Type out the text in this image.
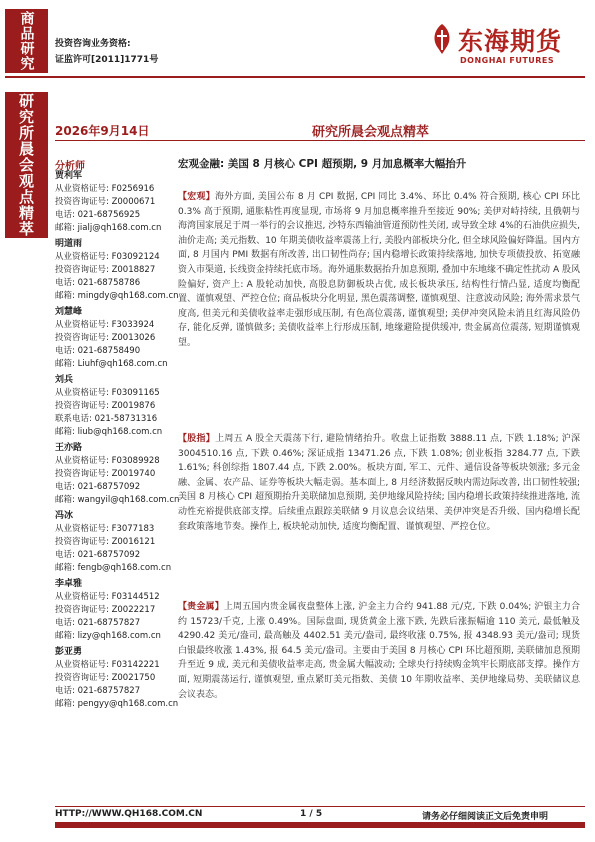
商品研究
研究所晨会观点精萃
投资咨询业务资格:
证监许可[2011]1771号
东海期货
DONGHAI FUTURES
2026年9月14日	研究所晨会观点精萃
分析师
贾利军
从业资格证号: F0256916
投资咨询证号: Z0000671
电话: 021-68756925
邮箱: jialj@qh168.com.cn
明道雨
从业资格证号: F03092124
投资咨询证号: Z0018827
电话: 021-68758786
邮箱: mingdy@qh168.com.cn
刘慧峰
从业资格证号: F3033924
投资咨询证号: Z0013026
电话: 021-68758490
邮箱: Liuhf@qh168.com.cn
刘兵
从业资格证号: F03091165
投资咨询证号: Z0019876
联系电话: 021-58731316
邮箱: liub@qh168.com.cn
王亦路
从业资格证号: F03089928
投资咨询证号: Z0019740
电话: 021-68757092
邮箱: wangyil@qh168.com.cn
冯冰
从业资格证号: F3077183
投资咨询证号: Z0016121
电话: 021-68757092
邮箱: fengb@qh168.com.cn
李卓雅
从业资格证号: F03144512
投资咨询证号: Z0022217
电话: 021-68757827
邮箱: lizy@qh168.com.cn
彭亚勇
从业资格证号: F03142221
投资咨询证号: Z0021750
电话: 021-68757827
邮箱: pengyy@qh168.com.cn
宏观金融: 美国 8 月核心 CPI 超预期, 9 月加息概率大幅抬升
【宏观】海外方面, 美国公布 8 月 CPI 数据, CPI 同比 3.4%、环比 0.4% 符合预期, 核心 CPI 环比 0.3% 高于预期, 通胀粘性再度显现, 市场将 9 月加息概率推升至接近 90%; 美伊对峙持续, 且俄朝与海湾国家展足于周一举行的会议推迟, 沙特东西输油管道预防性关闭, 或导致全球 4%的石油供应损失, 油价走高; 美元指数、10 年期美债收益率震荡上行, 美股内部板块分化, 但全球风险偏好降温。国内方面, 8 月国内 PMI 数据有所改善, 出口韧性尚存; 国内稳增长政策持续落地, 加快专项债投放、拓宽融资入市渠道, 长线资金持续托底市场。海外通胀数据抬升加息预期, 叠加中东地缘不确定性扰动 A 股风险偏好, 资产上: A 股轮动加快, 高股息防御板块占优, 成长板块承压, 结构性行情凸显, 适度均衡配置、谨慎观望、严控仓位; 商品板块分化明显, 黑色震荡调整, 谨慎观望、注意波动风险; 海外需求景气度高, 但美元和美债收益率走强形成压制, 有色高位震荡, 谨慎观望; 美伊冲突风险未消且红海风险仍存, 能化反弹, 谨慎做多; 美债收益率上行形成压制, 地缘避险提供缓冲, 贵金属高位震荡, 短期谨慎观望。
【股指】上周五 A 股全天震荡下行, 避险情绪抬升。收盘上证指数 3888.11 点, 下跌 1.18%; 沪深 3004510.16 点, 下跌 0.46%; 深证成指 13471.26 点, 下跌 1.08%; 创业板指 3284.77 点, 下跌 1.61%; 科创综指 1807.44 点, 下跌 2.00%。板块方面, 军工、元件、通信设备等板块领涨; 多元金融、金属、农产品、证券等板块大幅走弱。基本面上, 8 月经济数据反映内需边际改善, 出口韧性较强; 美国 8 月核心 CPI 超预期抬升美联储加息预期, 美伊地缘风险持续; 国内稳增长政策持续推进落地, 流动性充裕提供底部支撑。后续重点跟踪美联储 9 月议息会议结果、美伊冲突是否升级、国内稳增长配套政策落地节奏。操作上, 板块轮动加快, 适度均衡配置、谨慎观望、严控仓位。
【贵金属】上周五国内贵金属夜盘整体上涨, 沪金主力合约 941.88 元/克, 下跌 0.04%; 沪银主力合约 15723/千克, 上涨 0.49%。国际盘面, 现货黄金上涨下跌, 先跌后涨振幅逾 110 美元, 最低触及 4290.42 美元/盎司, 最高触及 4402.51 美元/盎司, 最终收涨 0.75%, 报 4348.93 美元/盎司; 现货白银最终收涨 1.43%, 报 64.5 美元/盎司。主要由于美国 8 月核心 CPI 环比超预期, 美联储加息预期升至近 9 成, 美元和美债收益率走高, 贵金属大幅波动; 全球央行持续购金筑牢长期底部支撑。操作方面, 短期震荡运行, 谨慎观望, 重点紧盯美元指数、美债 10 年期收益率、美伊地缘局势、美联储议息会议表态。
HTTP://WWW.QH168.COM.CN	1 / 5	请务必仔细阅读正文后免责申明
